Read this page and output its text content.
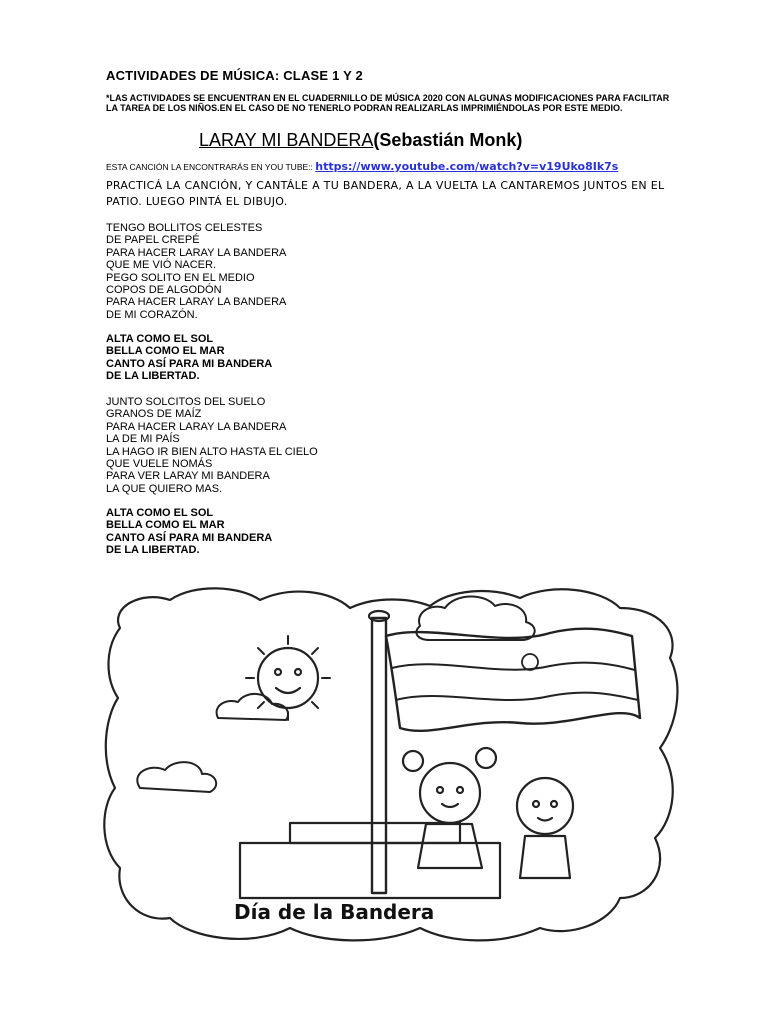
ACTIVIDADES DE MÚSICA: CLASE 1 Y 2
*LAS ACTIVIDADES SE ENCUENTRAN EN EL CUADERNILLO DE MÚSICA 2020 CON ALGUNAS MODIFICACIONES PARA FACILITAR LA TAREA DE LOS NIÑOS.EN EL CASO DE NO TENERLO PODRAN REALIZARLAS IMPRIMIÉNDOLAS POR ESTE MEDIO.
LARAY MI BANDERA(Sebastián Monk)
ESTA CANCIÓN LA ENCONTRARÁS EN YOU TUBE:: https://www.youtube.com/watch?v=v19Uko8Ik7s
PRACTICÁ LA CANCIÓN, Y CANTÁLE A TU BANDERA, A LA VUELTA LA CANTAREMOS JUNTOS EN EL PATIO. LUEGO PINTÁ EL DIBUJO.
TENGO BOLLITOS CELESTES
DE PAPEL CREPÉ
PARA HACER LARAY LA BANDERA
QUE ME VIÓ NACER.
PEGO SOLITO EN EL MEDIO
COPOS DE ALGODÓN
PARA HACER LARAY LA BANDERA
DE MI CORAZÓN.
ALTA COMO EL SOL
BELLA COMO EL MAR
CANTO ASÍ PARA MI BANDERA
DE LA LIBERTAD.
JUNTO SOLCITOS DEL SUELO
GRANOS DE MAÍZ
PARA HACER LARAY LA BANDERA
LA DE MI PAÍS
LA HAGO IR BIEN ALTO HASTA EL CIELO
QUE VUELE NOMÁS
PARA VER LARAY MI BANDERA
LA QUE QUIERO MAS.
ALTA COMO EL SOL
BELLA COMO EL MAR
CANTO ASÍ PARA MI BANDERA
DE LA LIBERTAD.
Día de la Bandera
